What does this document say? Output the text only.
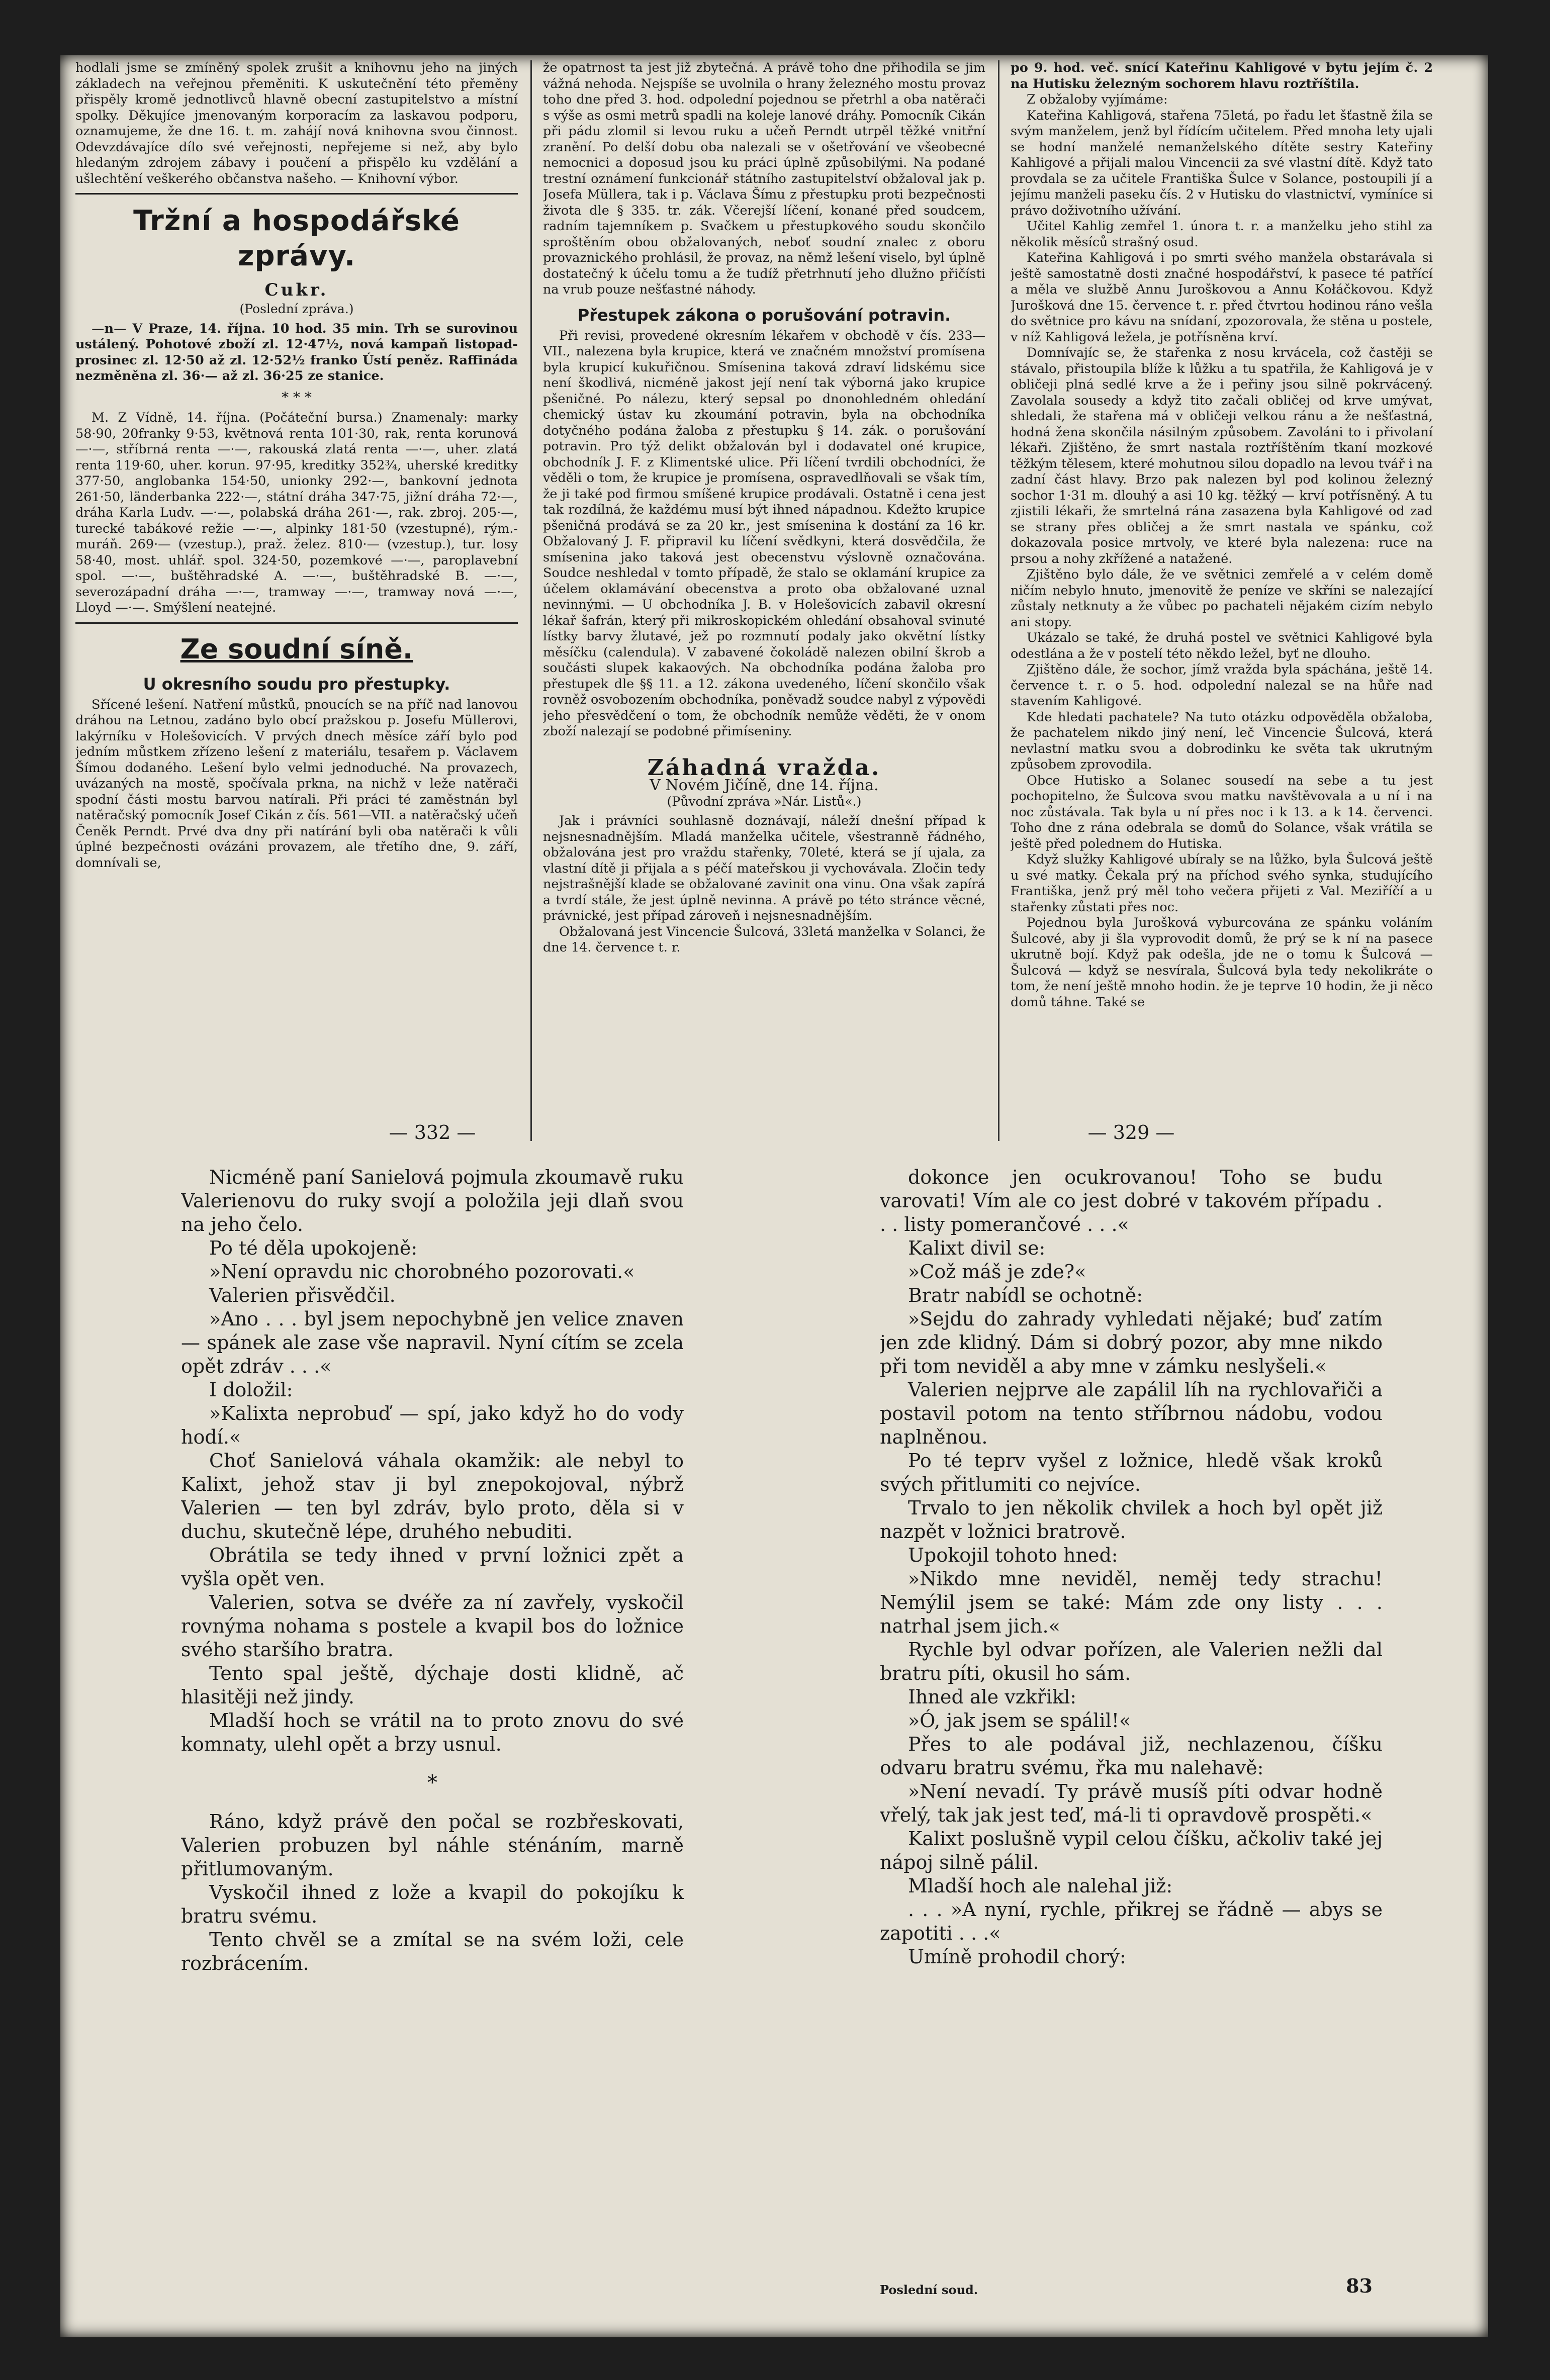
hodlali jsme se zmíněný spolek zrušit a knihovnu jeho na jiných základech na veřejnou přeměniti. K uskutečnění této přeměny přispěly kromě jednotlivců hlavně obecní zastupitelstvo a místní spolky. Děkujíce jmenovaným korporacím za laskavou podporu, oznamujeme, že dne 16. t. m. zahájí nová knihovna svou činnost. Odevzdávajíce dílo své veřejnosti, nepřejeme si než, aby bylo hledaným zdrojem zábavy i poučení a přispělo ku vzdělání a ušlechtění veškerého občanstva našeho. — Knihovní výbor.

Tržní a hospodářské zprávy.
Cukr.
(Poslední zpráva.)

—n— V Praze, 14. října. 10 hod. 35 min. Trh se surovinou ustálený. Pohotové zboží zl. 12·47½, nová kampaň listopad-prosinec zl. 12·50 až zl. 12·52½ franko Ústí peněz. Raffináda nezměněna zl. 36·— až zl. 36·25 ze stanice.

* * *

M. Z Vídně, 14. října. (Počáteční bursa.) Znamenaly: marky 58·90, 20franky 9·53, květnová renta 101·30, rak, renta korunová —·—, stříbrná renta —·—, rakouská zlatá renta —·—, uher. zlatá renta 119·60, uher. korun. 97·95, kreditky 352¾, uherské kreditky 377·50, anglobanka 154·50, unionky 292·—, bankovní jednota 261·50, länderbanka 222·—, státní dráha 347·75, jižní dráha 72·—, dráha Karla Ludv. —·—, polabská dráha 261·—, rak. zbroj. 205·—, turecké tabákové režie —·—, alpinky 181·50 (vzestupné), rým.-muráň. 269·— (vzestup.), praž. želez. 810·— (vzestup.), tur. losy 58·40, most. uhlář. spol. 324·50, pozemkové —·—, paroplavební spol. —·—, buštěhradské A. —·—, buštěhradské B. —·—, severozápadní dráha —·—, tramway —·—, tramway nová —·—, Lloyd —·—. Smýšlení neatejné.

Ze soudní síně.
U okresního soudu pro přestupky.

Sřícené lešení. Natření můstků, pnoucích se na příč nad lanovou dráhou na Letnou, zadáno bylo obcí pražskou p. Josefu Müllerovi, lakýrníku v Holešovicích. V prvých dnech měsíce září bylo pod jedním můstkem zřízeno lešení z materiálu, tesařem p. Václavem Šímou dodaného. Lešení bylo velmi jednoduché. Na provazech, uvázaných na mostě, spočívala prkna, na nichž v leže natěrači spodní části mostu barvou natírali. Při práci té zaměstnán byl natěračský pomocník Josef Cikán z čís. 561—VII. a natěračský učeň Čeněk Perndt. Prvé dva dny při natírání byli oba natěrači k vůli úplné bezpečnosti ovázáni provazem, ale třetího dne, 9. září, domnívali se,

že opatrnost ta jest již zbytečná. A právě toho dne přihodila se jim vážná nehoda. Nejspíše se uvolnila o hrany železného mostu provaz toho dne před 3. hod. odpolední pojednou se přetrhl a oba natěrači s výše as osmi metrů spadli na koleje lanové dráhy. Pomocník Cikán při pádu zlomil si levou ruku a učeň Perndt utrpěl těžké vnitřní zranění. Po delší dobu oba nalezali se v ošetřování ve všeobecné nemocnici a doposud jsou ku práci úplně způsobilými. Na podané trestní oznámení funkcionář státního zastupitelství obžaloval jak p. Josefa Müllera, tak i p. Václava Šímu z přestupku proti bezpečnosti života dle § 335. tr. zák. Včerejší líčení, konané před soudcem, radním tajemníkem p. Svačkem u přestupkového soudu skončilo sproštěním obou obžalovaných, neboť soudní znalec z oboru provaznického prohlásil, že provaz, na němž lešení viselo, byl úplně dostatečný k účelu tomu a že tudíž přetrhnutí jeho dlužno přičísti na vrub pouze nešťastné náhody.

Přestupek zákona o porušování potravin.

Při revisi, provedené okresním lékařem v obchodě v čís. 233—VII., nalezena byla krupice, která ve značném množství promísena byla krupicí kukuřičnou. Smísenina taková zdraví lidskému sice není škodlivá, nicméně jakost její není tak výborná jako krupice pšeničné. Po nálezu, který sepsal po dnonohledném ohledání chemický ústav ku zkoumání potravin, byla na obchodníka dotyčného podána žaloba z přestupku § 14. zák. o porušování potravin. Pro týž delikt obžalován byl i dodavatel oné krupice, obchodník J. F. z Klimentské ulice. Při líčení tvrdili obchodníci, že věděli o tom, že krupice je promísena, ospravedlňovali se však tím, že ji také pod firmou smíšené krupice prodávali. Ostatně i cena jest tak rozdílná, že každému musí být ihned nápadnou. Kdežto krupice pšeničná prodává se za 20 kr., jest smísenina k dostání za 16 kr. Obžalovaný J. F. připravil ku líčení svědkyni, která dosvědčila, že smísenina jako taková jest obecenstvu výslovně označována. Soudce neshledal v tomto případě, že stalo se oklamání krupice za účelem oklamávání obecenstva a proto oba obžalované uznal nevinnými. — U obchodníka J. B. v Holešovicích zabavil okresní lékař šafrán, který při mikroskopickém ohledání obsahoval svinuté lístky barvy žlutavé, jež po rozmnutí podaly jako okvětní lístky měsíčku (calendula). V zabavené čokoládě nalezen obilní škrob a součásti slupek kakaových. Na obchodníka podána žaloba pro přestupek dle §§ 11. a 12. zákona uvedeného, líčení skončilo však rovněž osvobozením obchodníka, poněvadž soudce nabyl z výpovědi jeho přesvědčení o tom, že obchodník nemůže věděti, že v onom zboží nalezají se podobné přimíseniny.

Záhadná vražda.
V Novém Jičíně, dne 14. října.
(Původní zpráva »Nár. Listů«.)

Jak i právníci souhlasně doznávají, náleží dnešní případ k nejsnesnadnějším. Mladá manželka učitele, všestranně řádného, obžalována jest pro vraždu stařenky, 70leté, která se jí ujala, za vlastní dítě ji přijala a s péčí mateřskou ji vychovávala. Zločin tedy nejstrašnější klade se obžalované zavinit ona vinu. Ona však zapírá a tvrdí stále, že jest úplně nevinna. A právě po této stránce věcné, právnické, jest případ zároveň i nejsnesnadnějším.

Obžalovaná jest Vincencie Šulcová, 33letá manželka v Solanci, že dne 14. července t. r.

po 9. hod. več. snící Kateřinu Kahligové v bytu jejím č. 2 na Hutisku železným sochorem hlavu roztříštila.

Z obžaloby vyjímáme:

Kateřina Kahligová, stařena 75letá, po řadu let šťastně žila se svým manželem, jenž byl řídícím učitelem. Před mnoha lety ujali se hodní manželé nemanželského dítěte sestry Kateřiny Kahligové a přijali malou Vincencii za své vlastní dítě. Když tato provdala se za učitele Františka Šulce v Solance, postoupili jí a jejímu manželi paseku čís. 2 v Hutisku do vlastnictví, vymíníce si právo doživotního užívání.

Učitel Kahlig zemřel 1. února t. r. a manželku jeho stihl za několik měsíců strašný osud.

Kateřina Kahligová i po smrti svého manžela obstarávala si ještě samostatně dosti značné hospodářství, k pasece té patřící a měla ve službě Annu Juroškovou a Annu Kołáčkovou. Když Jurošková dne 15. července t. r. před čtvrtou hodinou ráno vešla do světnice pro kávu na snídaní, zpozorovala, že stěna u postele, v níž Kahligová ležela, je potřísněna krví.

Domnívajíc se, že stařenka z nosu krvácela, což častěji se stávalo, přistoupila blíže k lůžku a tu spatřila, že Kahligová je v obličeji plná sedlé krve a že i peřiny jsou silně pokrvácený. Zavolala sousedy a když tito začali obličej od krve umývat, shledali, že stařena má v obličeji velkou ránu a že nešťastná, hodná žena skončila násilným způsobem. Zavoláni to i přivolaní lékaři. Zjištěno, že smrt nastala roztříštěním tkaní mozkové těžkým tělesem, které mohutnou silou dopadlo na levou tvář i na zadní část hlavy. Brzo pak nalezen byl pod kolinou železný sochor 1·31 m. dlouhý a asi 10 kg. těžký — krví potřísněný. A tu zjistili lékaři, že smrtelná rána zasazena byla Kahligové od zad se strany přes obličej a že smrt nastala ve spánku, což dokazovala posice mrtvoly, ve které byla nalezena: ruce na prsou a nohy zkřížené a natažené.

Zjištěno bylo dále, že ve světnici zemřelé a v celém domě ničím nebylo hnuto, jmenovitě že peníze ve skříni se nalezající zůstaly netknuty a že vůbec po pachateli nějakém cizím nebylo ani stopy.

Ukázalo se také, že druhá postel ve světnici Kahligové byla odestlána a že v postelí této někdo ležel, byť ne dlouho.

Zjištěno dále, že sochor, jímž vražda byla spáchána, ještě 14. července t. r. o 5. hod. odpolední nalezal se na hůře nad stavením Kahligové.

Kde hledati pachatele? Na tuto otázku odpověděla obžaloba, že pachatelem nikdo jiný není, leč Vincencie Šulcová, která nevlastní matku svou a dobrodinku ke světa tak ukrutným způsobem zprovodila.

Obce Hutisko a Solanec sousedí na sebe a tu jest pochopitelno, že Šulcova svou matku navštěvovala a u ní i na noc zůstávala. Tak byla u ní přes noc i k 13. a k 14. červenci. Toho dne z rána odebrala se domů do Solance, však vrátila se ještě před polednem do Hutiska.

Když služky Kahligové ubíraly se na lůžko, byla Šulcová ještě u své matky. Čekala prý na příchod svého synka, studujícího Františka, jenž prý měl toho večera přijeti z Val. Meziříčí a u stařenky zůstati přes noc.

Pojednou byla Jurošková vyburcována ze spánku voláním Šulcové, aby ji šla vyprovodit domů, že prý se k ní na pasece ukrutně bojí. Když pak odešla, jde ne o tomu k Šulcová — Šulcová — když se nesvírala, Šulcová byla tedy nekolikráte o tom, že není ještě mnoho hodin. že je teprve 10 hodin, že ji něco domů táhne. Také se

— 332 —

Nicméně paní Sanielová pojmula zkoumavě ruku Valerienovu do ruky svojí a položila jeji dlaň svou na jeho čelo.

Po té děla upokojeně:

»Není opravdu nic chorobného pozorovati.«

Valerien přisvědčil.

»Ano . . . byl jsem nepochybně jen velice znaven — spánek ale zase vše napravil. Nyní cítím se zcela opět zdráv . . .«

I doložil:

»Kalixta neprobuď — spí, jako když ho do vody hodí.«

Choť Sanielová váhala okamžik: ale nebyl to Kalixt, jehož stav ji byl znepokojoval, nýbrž Valerien — ten byl zdráv, bylo proto, děla si v duchu, skutečně lépe, druhého nebuditi.

Obrátila se tedy ihned v první ložnici zpět a vyšla opět ven.

Valerien, sotva se dvéře za ní zavřely, vyskočil rovnýma nohama s postele a kvapil bos do ložnice svého staršího bratra.

Tento spal ještě, dýchaje dosti klidně, ač hlasitěji než jindy.

Mladší hoch se vrátil na to proto znovu do své komnaty, ulehl opět a brzy usnul.

*

Ráno, když právě den počal se rozbřeskovati, Valerien probuzen byl náhle sténáním, marně přitlumovaným.

Vyskočil ihned z lože a kvapil do pokojíku k bratru svému.

Tento chvěl se a zmítal se na svém loži, cele rozbrácením.

— 329 —

dokonce jen ocukrovanou! Toho se budu varovati! Vím ale co jest dobré v takovém případu . . . listy pomerančové . . .«

Kalixt divil se:

»Což máš je zde?«

Bratr nabídl se ochotně:

»Sejdu do zahrady vyhledati nějaké; buď zatím jen zde klidný. Dám si dobrý pozor, aby mne nikdo při tom neviděl a aby mne v zámku neslyšeli.«

Valerien nejprve ale zapálil líh na rychlovařiči a postavil potom na tento stříbrnou nádobu, vodou naplněnou.

Po té teprv vyšel z ložnice, hledě však kroků svých přitlumiti co nejvíce.

Trvalo to jen několik chvilek a hoch byl opět již nazpět v ložnici bratrově.

Upokojil tohoto hned:

»Nikdo mne neviděl, neměj tedy strachu! Nemýlil jsem se také: Mám zde ony listy . . . natrhal jsem jich.«

Rychle byl odvar pořízen, ale Valerien nežli dal bratru píti, okusil ho sám.

Ihned ale vzkřikl:

»Ó, jak jsem se spálil!«

Přes to ale podával již, nechlazenou, číšku odvaru bratru svému, řka mu nalehavě:

»Není nevadí. Ty právě musíš píti odvar hodně vřelý, tak jak jest teď, má-li ti opravdově prospěti.«

Kalixt poslušně vypil celou číšku, ačkoliv také jej nápoj silně pálil.

Mladší hoch ale nalehal již:

. . . »A nyní, rychle, přikrej se řádně — abys se zapotiti . . .«

Umíně prohodil chorý:

Poslední soud.	83
